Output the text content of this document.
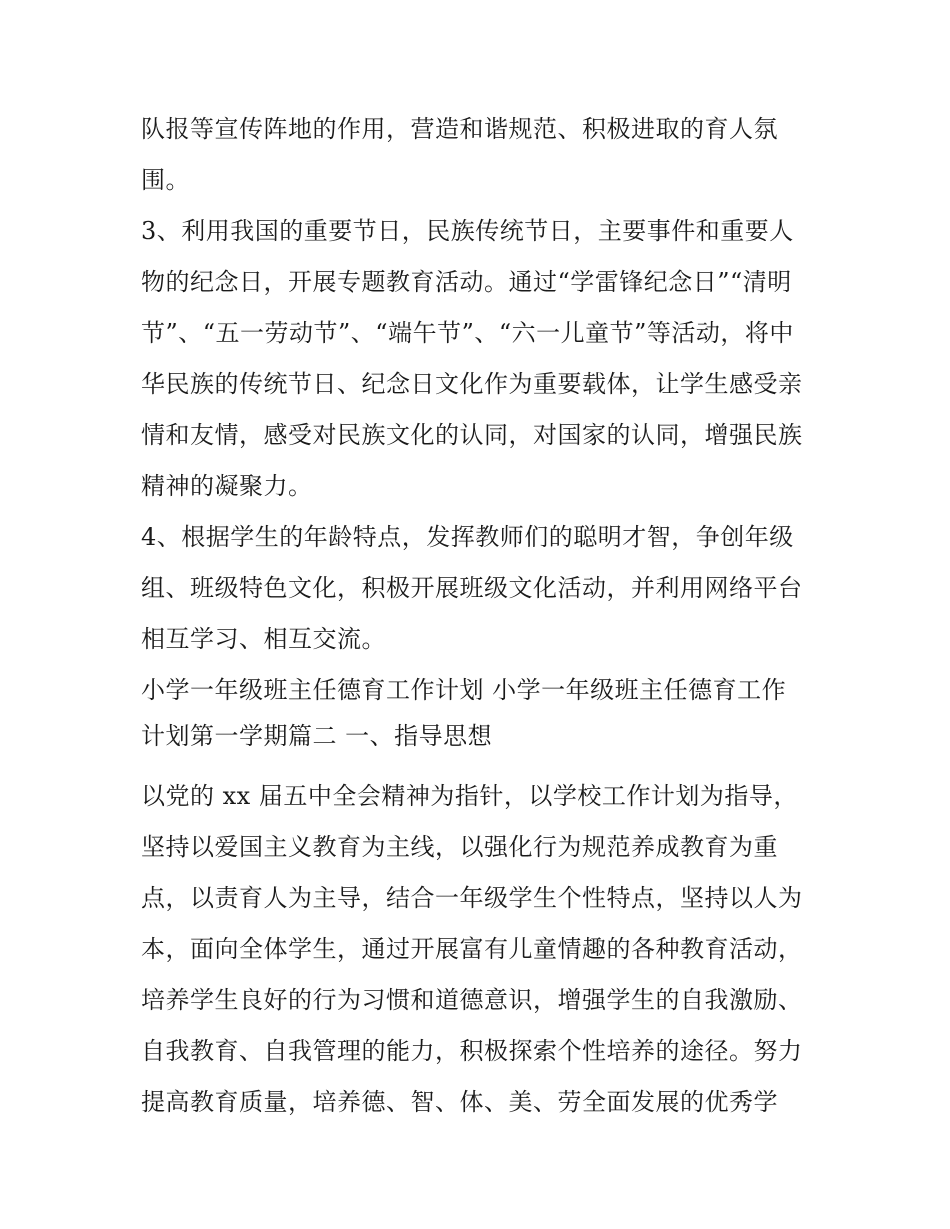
队报等宣传阵地的作用，营造和谐规范、积极进取的育人氛
围。
3、利用我国的重要节日，民族传统节日，主要事件和重要人
物的纪念日，开展专题教育活动。通过“学雷锋纪念日”“清明
节”、“五一劳动节”、“端午节”、“六一儿童节”等活动，将中
华民族的传统节日、纪念日文化作为重要载体，让学生感受亲
情和友情，感受对民族文化的认同，对国家的认同，增强民族
精神的凝聚力。
4、根据学生的年龄特点，发挥教师们的聪明才智，争创年级
组、班级特色文化，积极开展班级文化活动，并利用网络平台
相互学习、相互交流。
小学一年级班主任德育工作计划 小学一年级班主任德育工作
计划第一学期篇二 一、指导思想
以党的 xx 届五中全会精神为指针，以学校工作计划为指导，
坚持以爱国主义教育为主线，以强化行为规范养成教育为重
点，以责育人为主导，结合一年级学生个性特点，坚持以人为
本，面向全体学生，通过开展富有儿童情趣的各种教育活动，
培养学生良好的行为习惯和道德意识，增强学生的自我激励、
自我教育、自我管理的能力，积极探索个性培养的途径。努力
提高教育质量，培养德、智、体、美、劳全面发展的优秀学
